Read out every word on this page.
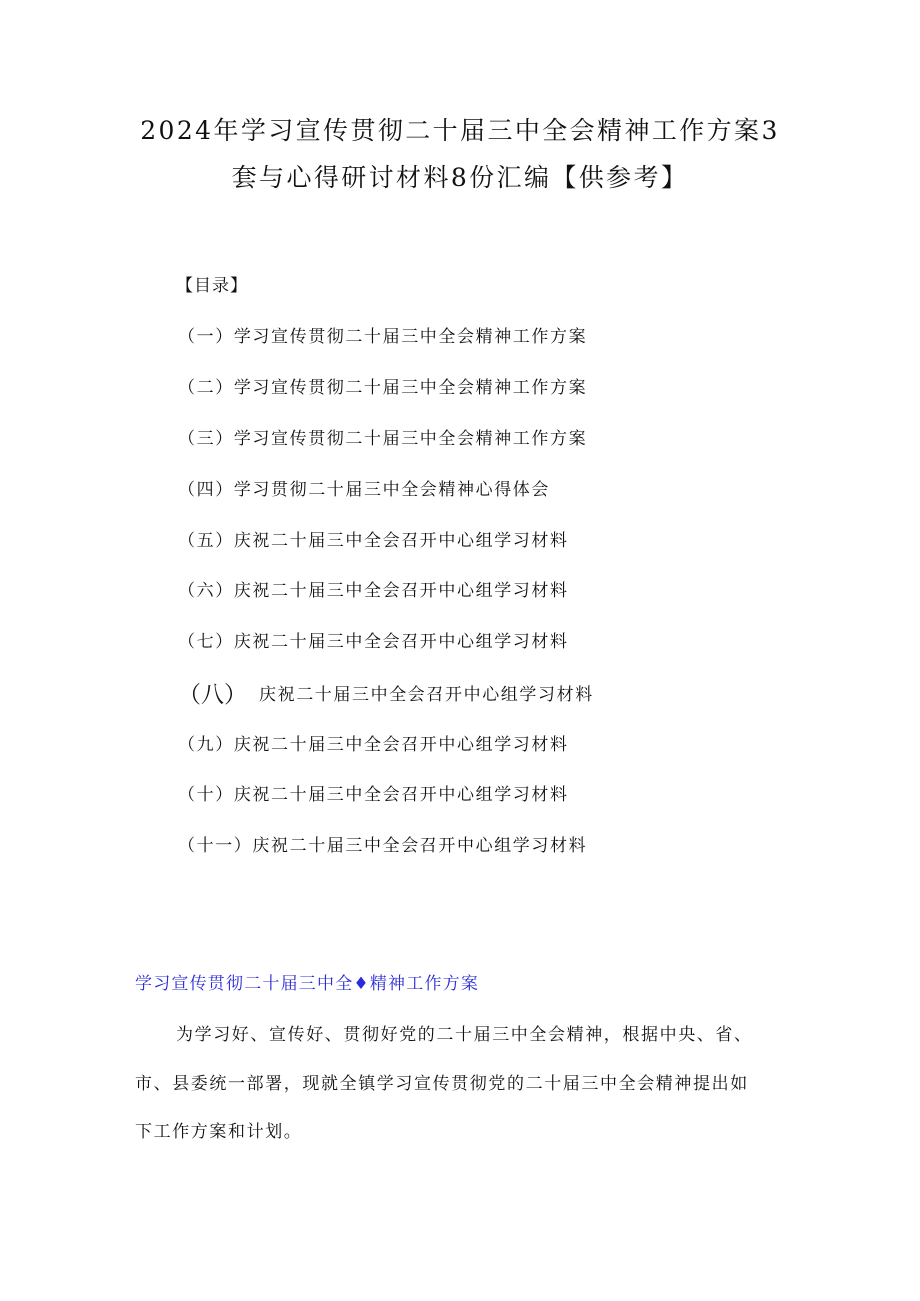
2024年学习宣传贯彻二十届三中全会精神工作方案3
套与心得研讨材料8份汇编【供参考】
【目录】
（一）学习宣传贯彻二十届三中全会精神工作方案
（二）学习宣传贯彻二十届三中全会精神工作方案
（三）学习宣传贯彻二十届三中全会精神工作方案
（四）学习贯彻二十届三中全会精神心得体会
（五）庆祝二十届三中全会召开中心组学习材料
（六）庆祝二十届三中全会召开中心组学习材料
（七）庆祝二十届三中全会召开中心组学习材料
（八） 庆祝二十届三中全会召开中心组学习材料
（九）庆祝二十届三中全会召开中心组学习材料
（十）庆祝二十届三中全会召开中心组学习材料
（十一）庆祝二十届三中全会召开中心组学习材料
学习宣传贯彻二十届三中全♦精神工作方案
为学习好、宣传好、贯彻好党的二十届三中全会精神，根据中央、省、
市、县委统一部署，现就全镇学习宣传贯彻党的二十届三中全会精神提出如
下工作方案和计划。
